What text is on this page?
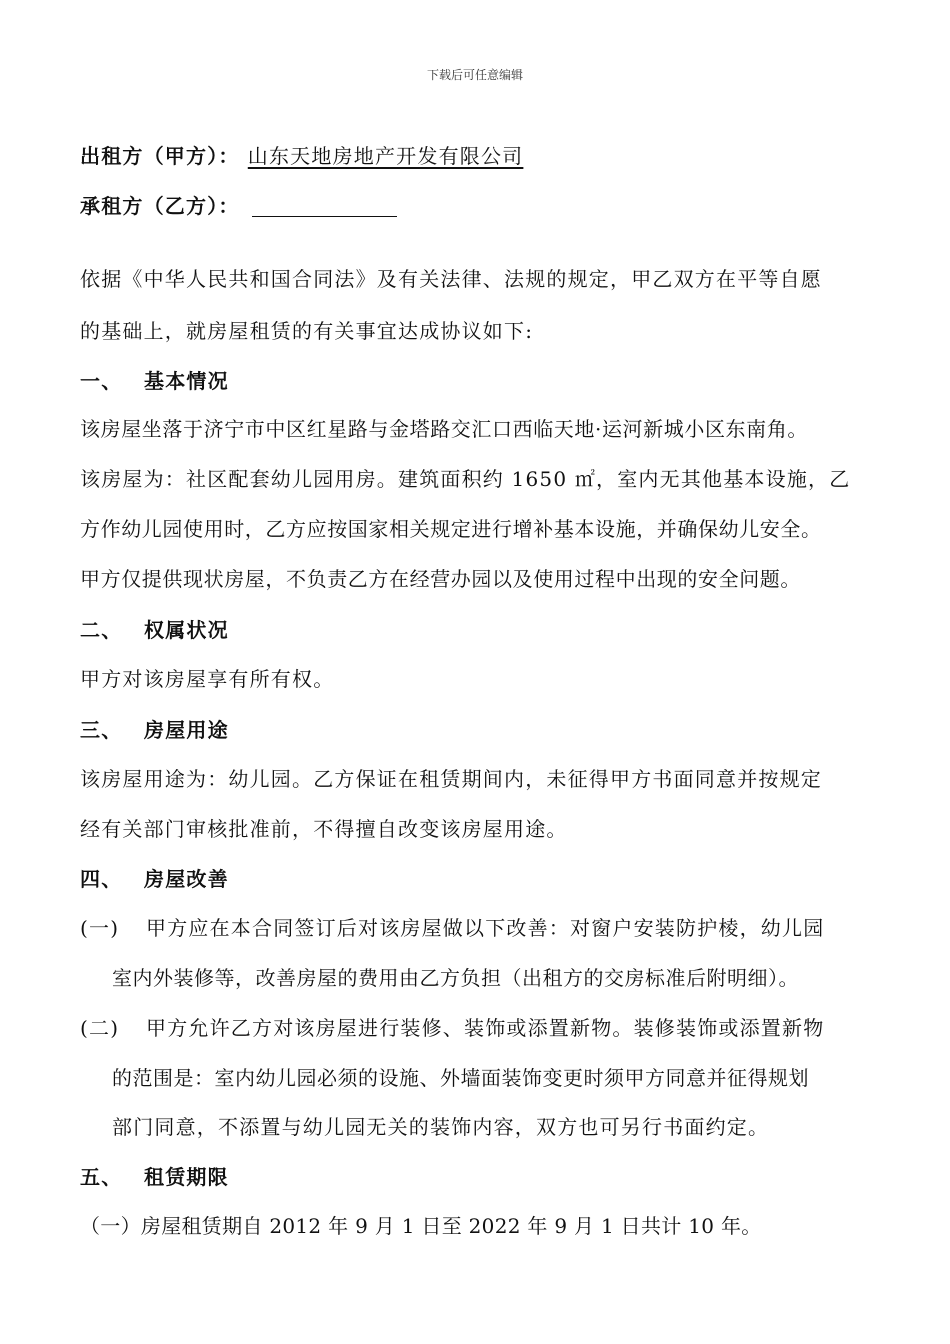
下载后可任意编辑
出租方（甲方）： 山东天地房地产开发有限公司
承租方（乙方）：
依据《中华人民共和国合同法》及有关法律、法规的规定，甲乙双方在平等自愿
的基础上，就房屋租赁的有关事宜达成协议如下:
一、 基本情况
该房屋坐落于济宁市中区红星路与金塔路交汇口西临天地·运河新城小区东南角。
该房屋为：社区配套幼儿园用房。建筑面积约 1650 ㎡，室内无其他基本设施，乙
方作幼儿园使用时，乙方应按国家相关规定进行增补基本设施，并确保幼儿安全。
甲方仅提供现状房屋，不负责乙方在经营办园以及使用过程中出现的安全问题。
二、 权属状况
甲方对该房屋享有所有权。
三、 房屋用途
该房屋用途为：幼儿园。乙方保证在租赁期间内，未征得甲方书面同意并按规定
经有关部门审核批准前，不得擅自改变该房屋用途。
四、 房屋改善
(一) 甲方应在本合同签订后对该房屋做以下改善：对窗户安装防护棱，幼儿园
室内外装修等，改善房屋的费用由乙方负担（出租方的交房标准后附明细）。
(二) 甲方允许乙方对该房屋进行装修、装饰或添置新物。装修装饰或添置新物
的范围是：室内幼儿园必须的设施、外墙面装饰变更时须甲方同意并征得规划
部门同意，不添置与幼儿园无关的装饰内容，双方也可另行书面约定。
五、 租赁期限
（一）房屋租赁期自 2012 年 9 月 1 日至 2022 年 9 月 1 日共计 10 年。
